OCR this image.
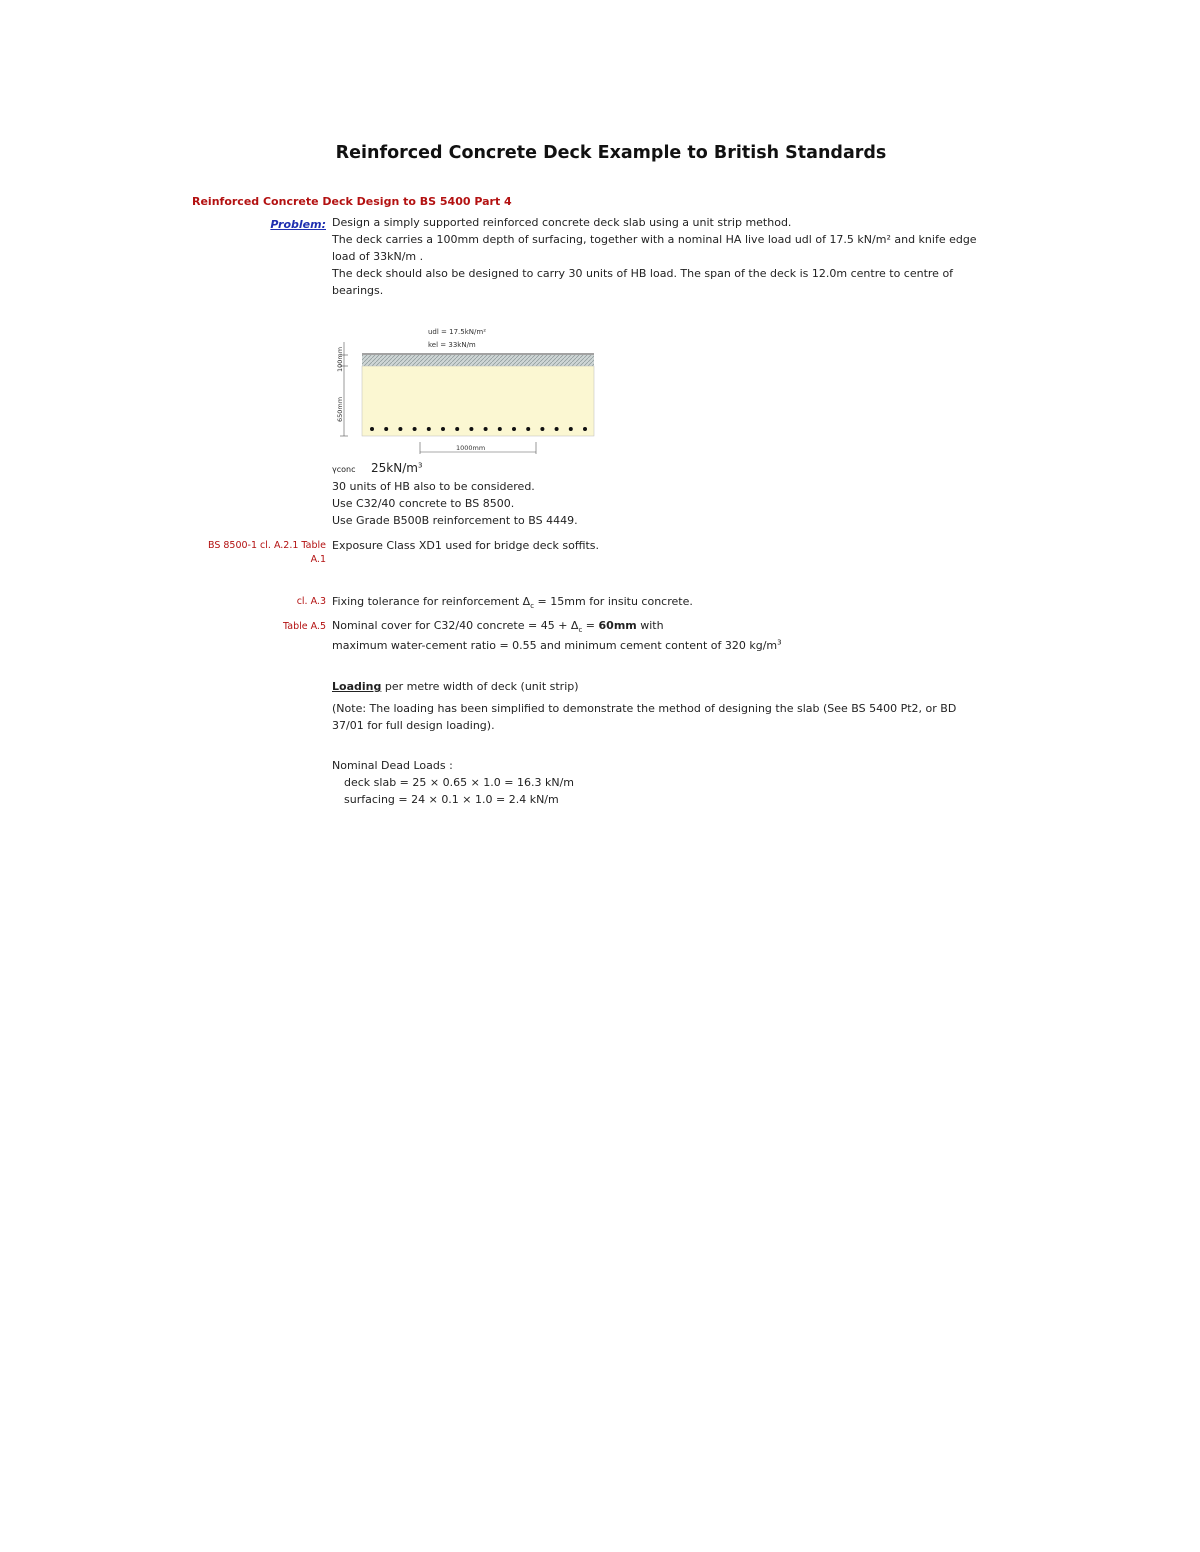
Reinforced Concrete Deck Example to British Standards
Reinforced Concrete Deck Design to BS 5400 Part 4
Problem: Design a simply supported reinforced concrete deck slab using a unit strip method.
The deck carries a 100mm depth of surfacing, together with a nominal HA live load udl of 17.5 kN/m² and knife edge
load of 33kN/m .
The deck should also be designed to carry 30 units of HB load. The span of the deck is 12.0m centre to centre of
bearings.
udl = 17.5kN/m²
kel = 33kN/m
100mm
650mm
1000mm
γconc $25kN/m^3$
30 units of HB also to be considered.
Use C32/40 concrete to BS 8500.
Use Grade B500B reinforcement to BS 4449.
BS 8500-1 cl. A.2.1 Table A.1
Exposure Class XD1 used for bridge deck soffits.
cl. A.3 Fixing tolerance for reinforcement $\Delta_c = 15mm$ for insitu concrete.
Table A.5 Nominal cover for C32/40 concrete = $45 + \Delta_c = 60mm$ with
maximum water-cement ratio = 0.55 and minimum cement content of 320 $kg/m^3$
Loading per metre width of deck (unit strip)
(Note: The loading has been simplified to demonstrate the method of designing the slab (See BS 5400 Pt2, or BD
37/01 for full design loading).
Nominal Dead Loads :
deck slab = 25 × 0.65 × 1.0 = 16.3 kN/m
surfacing = 24 × 0.1 × 1.0 = 2.4 kN/m
